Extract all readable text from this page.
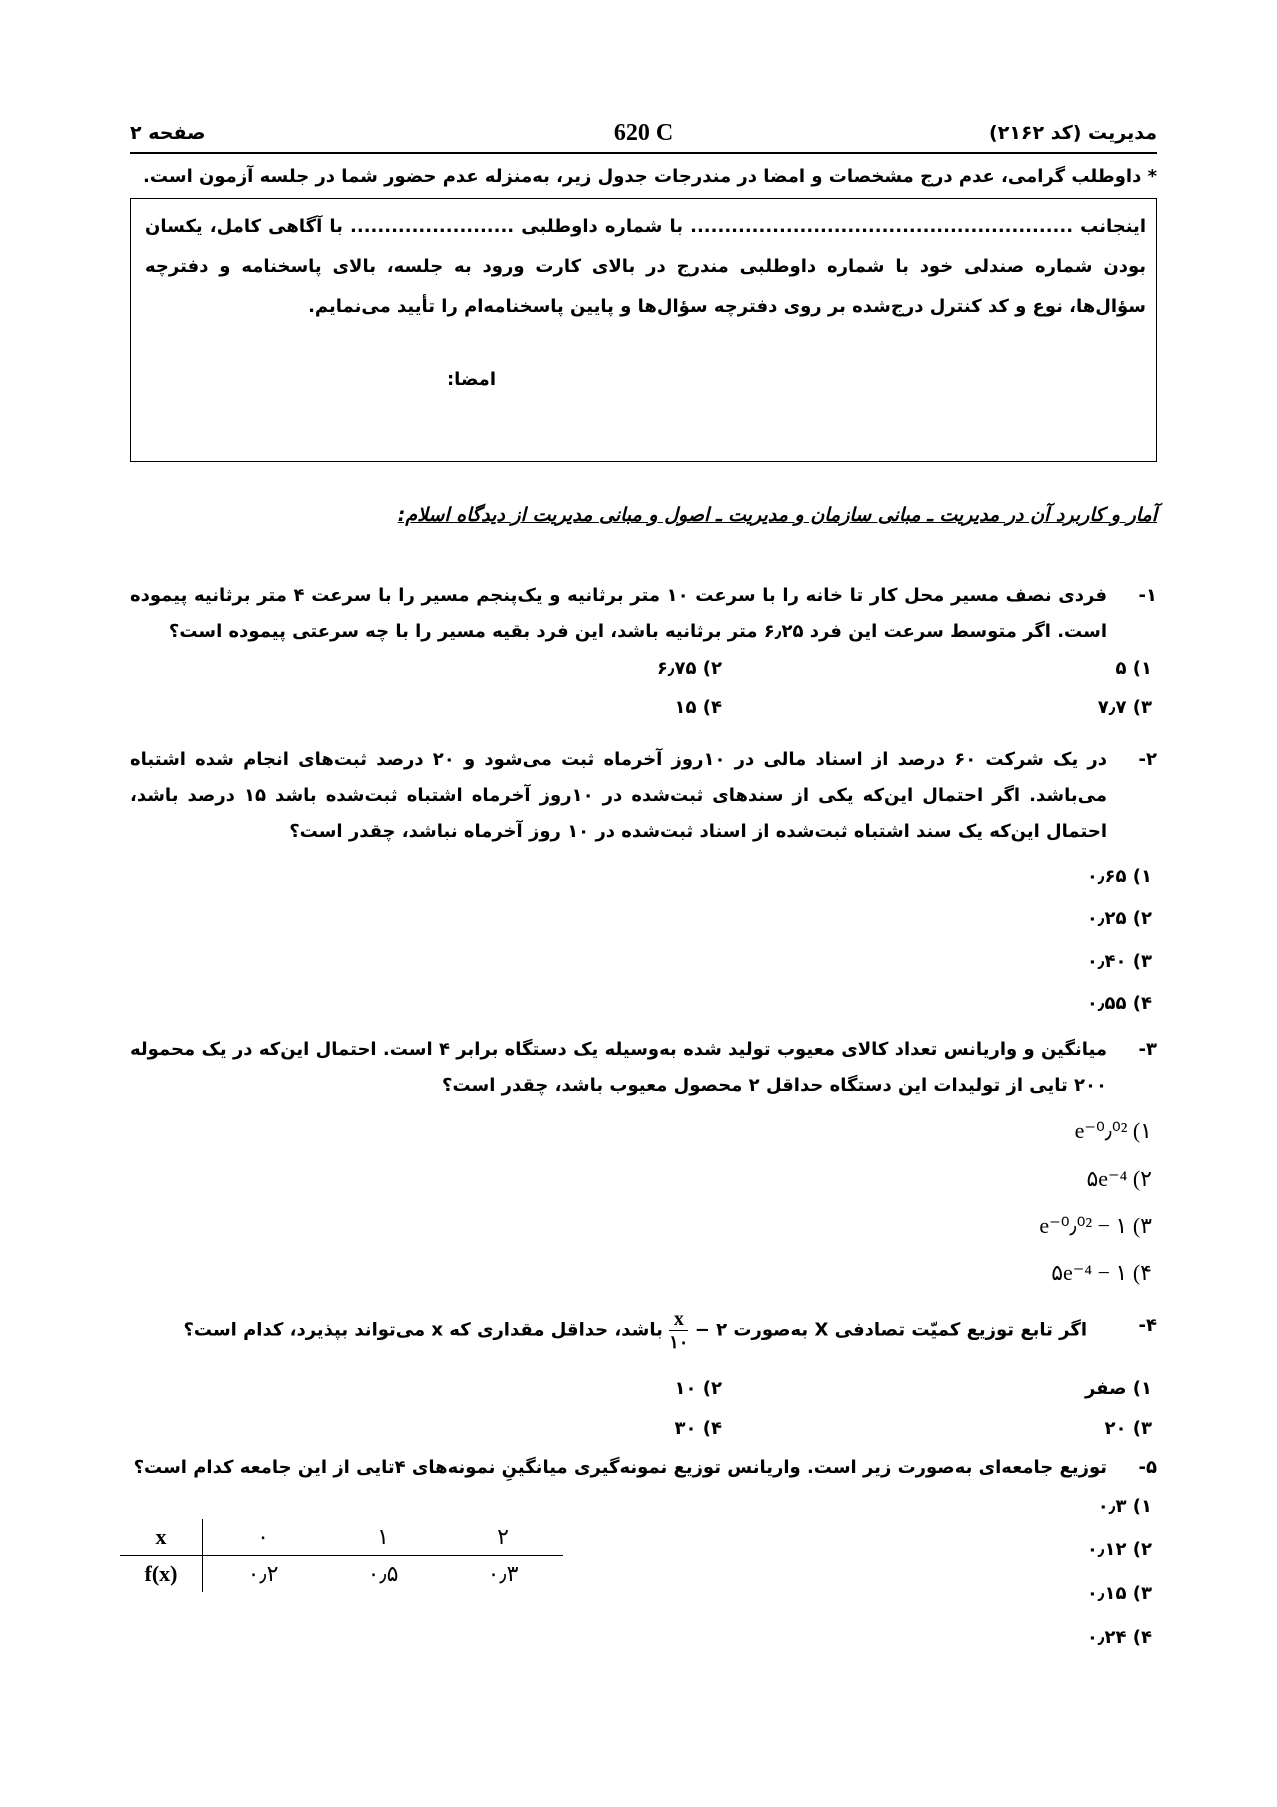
مدیریت (کد ۲۱۶۲)
620 C
صفحه ۲
* داوطلب گرامی، عدم درج مشخصات و امضا در مندرجات جدول زیر، به‌منزله عدم حضور شما در جلسه آزمون است.
اینجانب ........................................................ با شماره داوطلبی ........................ با آگاهی کامل، یکسان بودن شماره صندلی خود با شماره داوطلبی مندرج در بالای کارت ورود به جلسه، بالای پاسخنامه و دفترچه سؤال‌ها، نوع و کد کنترل درج‌شده بر روی دفترچه سؤال‌ها و پایین پاسخنامه‌ام را تأیید می‌نمایم.
امضا:
آمار و کاربرد آن در مدیریت ـ مبانی سازمان و مدیریت ـ اصول و مبانی مدیریت از دیدگاه اسلام:
۱-
فردی نصف مسیر محل کار تا خانه را با سرعت ۱۰ متر برثانیه و یک‌پنجم مسیر را با سرعت ۴ متر برثانیه پیموده است. اگر متوسط سرعت این فرد ۶٫۲۵ متر برثانیه باشد، این فرد بقیه مسیر را با چه سرعتی پیموده است؟
۱) ۵
۲) ۶٫۷۵
۳) ۷٫۷
۴) ۱۵
۲-
در یک شرکت ۶۰ درصد از اسناد مالی در ۱۰روز آخرماه ثبت می‌شود و ۲۰ درصد ثبت‌های انجام شده اشتباه می‌باشد. اگر احتمال این‌که یکی از سندهای ثبت‌شده در ۱۰روز آخرماه اشتباه ثبت‌شده باشد ۱۵ درصد باشد، احتمال این‌که یک سند اشتباه ثبت‌شده از اسناد ثبت‌شده در ۱۰ روز آخرماه نباشد، چقدر است؟
۱) ۰٫۶۵
۲) ۰٫۲۵
۳) ۰٫۴۰
۴) ۰٫۵۵
۳-
میانگین و واریانس تعداد کالای معیوب تولید شده به‌وسیله یک دستگاه برابر ۴ است. احتمال این‌که در یک محموله ۲۰۰ تایی از تولیدات این دستگاه حداقل ۲ محصول معیوب باشد، چقدر است؟
۱) e⁻⁰٫⁰²
۲) ۵e⁻⁴
۳) ۱ − e⁻⁰٫⁰²
۴) ۱ − ۵e⁻⁴
۴-
اگر تابع توزیع کمیّت تصادفی X به‌صورت ۲ −
$\frac{x}{۱۰}$
باشد، حداقل مقداری که x می‌تواند بپذیرد، کدام است؟
۱) صفر
۲) ۱۰
۳) ۲۰
۴) ۳۰
۵-
توزیع جامعه‌ای به‌صورت زیر است. واریانس توزیع نمونه‌گیری میانگینِ نمونه‌های ۴تایی از این جامعه کدام است؟
۱) ۰٫۳
۲) ۰٫۱۲
۳) ۰٫۱۵
۴) ۰٫۲۴
x	۰	۱	۲
f(x)	۰٫۲	۰٫۵	۰٫۳
